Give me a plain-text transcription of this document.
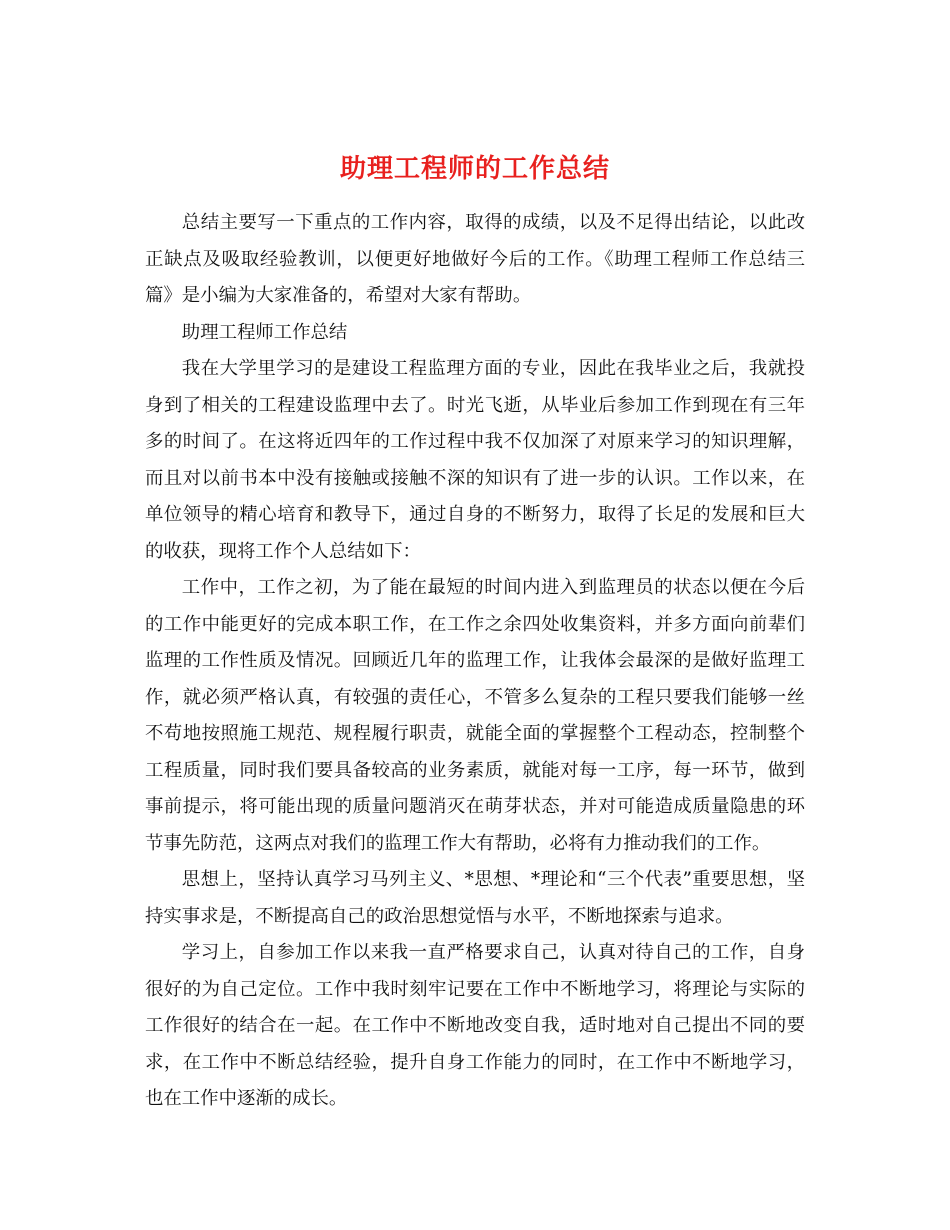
助理工程师的工作总结

总结主要写一下重点的工作内容，取得的成绩，以及不足得出结论，以此改正缺点及吸取经验教训，以便更好地做好今后的工作。《助理工程师工作总结三篇》是小编为大家准备的，希望对大家有帮助。

助理工程师工作总结

我在大学里学习的是建设工程监理方面的专业，因此在我毕业之后，我就投身到了相关的工程建设监理中去了。时光飞逝，从毕业后参加工作到现在有三年多的时间了。在这将近四年的工作过程中我不仅加深了对原来学习的知识理解，而且对以前书本中没有接触或接触不深的知识有了进一步的认识。工作以来，在单位领导的精心培育和教导下，通过自身的不断努力，取得了长足的发展和巨大的收获，现将工作个人总结如下：

工作中，工作之初，为了能在最短的时间内进入到监理员的状态以便在今后的工作中能更好的完成本职工作，在工作之余四处收集资料，并多方面向前辈们监理的工作性质及情况。回顾近几年的监理工作，让我体会最深的是做好监理工作，就必须严格认真，有较强的责任心，不管多么复杂的工程只要我们能够一丝不苟地按照施工规范、规程履行职责，就能全面的掌握整个工程动态，控制整个工程质量，同时我们要具备较高的业务素质，就能对每一工序，每一环节，做到事前提示，将可能出现的质量问题消灭在萌芽状态，并对可能造成质量隐患的环节事先防范，这两点对我们的监理工作大有帮助，必将有力推动我们的工作。

思想上，坚持认真学习马列主义、*思想、*理论和“三个代表”重要思想，坚持实事求是，不断提高自己的政治思想觉悟与水平，不断地探索与追求。

学习上，自参加工作以来我一直严格要求自己，认真对待自己的工作，自身很好的为自己定位。工作中我时刻牢记要在工作中不断地学习，将理论与实际的工作很好的结合在一起。在工作中不断地改变自我，适时地对自己提出不同的要求，在工作中不断总结经验，提升自身工作能力的同时，在工作中不断地学习，也在工作中逐渐的成长。
